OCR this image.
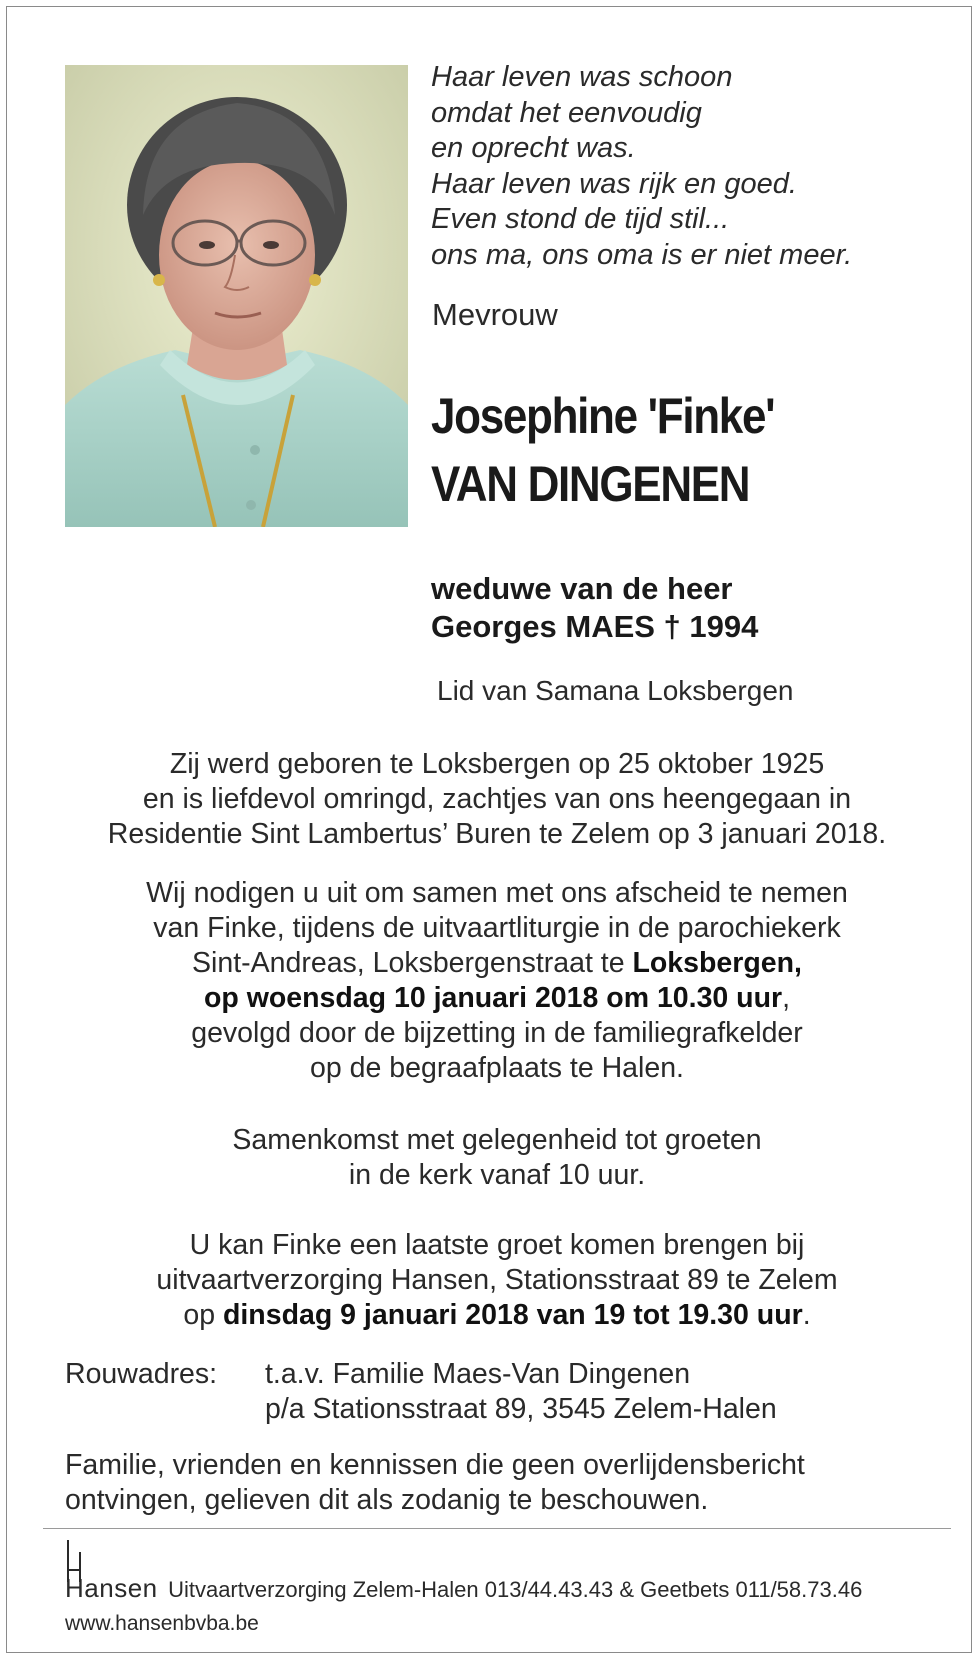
Haar leven was schoon
omdat het eenvoudig
en oprecht was.
Haar leven was rijk en goed.
Even stond de tijd stil...
ons ma, ons oma is er niet meer.
Mevrouw
Josephine 'Finke'
VAN DINGENEN
weduwe van de heer
Georges MAES † 1994
Lid van Samana Loksbergen
Zij werd geboren te Loksbergen op 25 oktober 1925
en is liefdevol omringd, zachtjes van ons heengegaan in
Residentie Sint Lambertus’ Buren te Zelem op 3 januari 2018.
Wij nodigen u uit om samen met ons afscheid te nemen
van Finke, tijdens de uitvaartliturgie in de parochiekerk
Sint-Andreas, Loksbergenstraat te Loksbergen,
op woensdag 10 januari 2018 om 10.30 uur,
gevolgd door de bijzetting in de familiegrafkelder
op de begraafplaats te Halen.
Samenkomst met gelegenheid tot groeten
in de kerk vanaf 10 uur.
U kan Finke een laatste groet komen brengen bij
uitvaartverzorging Hansen, Stationsstraat 89 te Zelem
op dinsdag 9 januari 2018 van 19 tot 19.30 uur.
Rouwadres: t.a.v. Familie Maes-Van Dingenen
p/a Stationsstraat 89, 3545 Zelem-Halen
Familie, vrienden en kennissen die geen overlijdensbericht
ontvingen, gelieven dit als zodanig te beschouwen.
Hansen Uitvaartverzorging Zelem-Halen 013/44.43.43 & Geetbets 011/58.73.46
www.hansenbvba.be
